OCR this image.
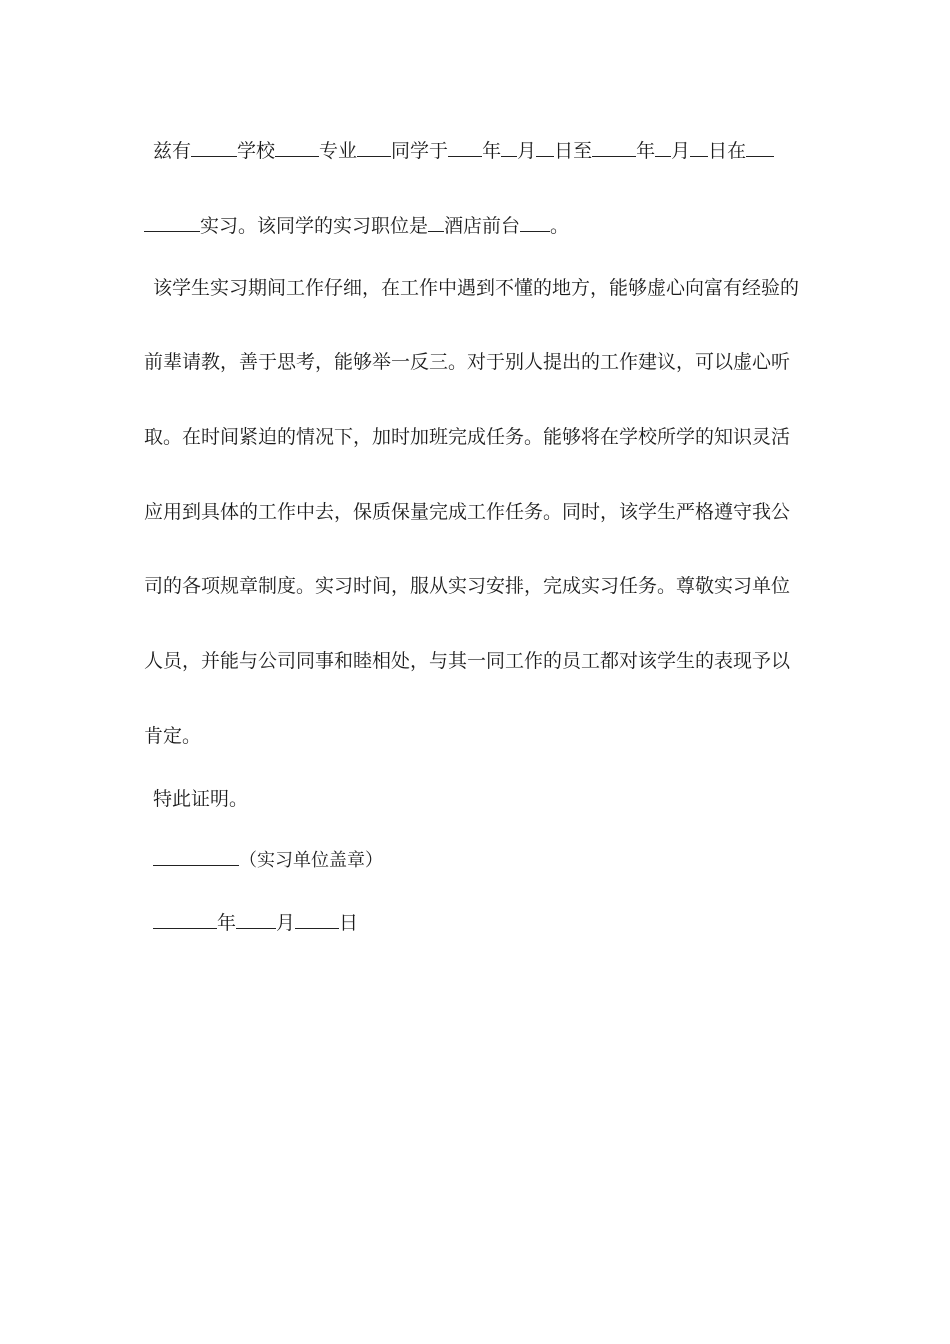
兹有 学校 专业 同学于 年 月 日至 年 月 日在
实习。该同学的实习职位是 酒店前台 。
该学生实习期间工作仔细，在工作中遇到不懂的地方，能够虚心向富有经验的
前辈请教，善于思考，能够举一反三。对于别人提出的工作建议，可以虚心听
取。在时间紧迫的情况下，加时加班完成任务。能够将在学校所学的知识灵活
应用到具体的工作中去，保质保量完成工作任务。同时，该学生严格遵守我公
司的各项规章制度。实习时间，服从实习安排，完成实习任务。尊敬实习单位
人员，并能与公司同事和睦相处，与其一同工作的员工都对该学生的表现予以
肯定。
特此证明。
（实习单位盖章）
年 月 日
